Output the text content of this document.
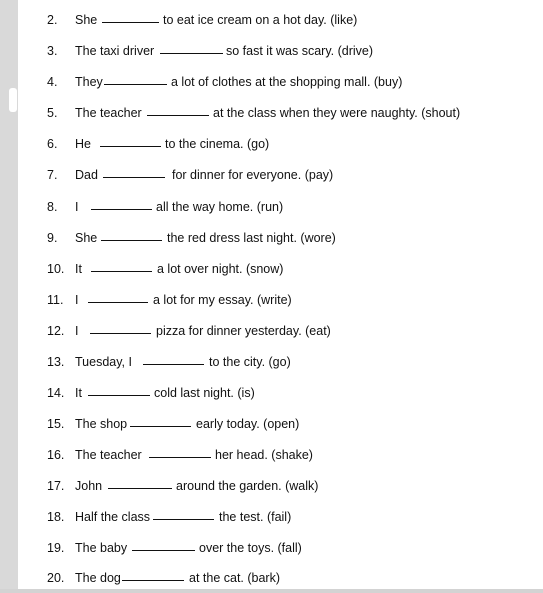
2. She	to eat ice cream on a hot day. (like)
3. The taxi driver	so fast it was scary. (drive)
4. They	a lot of clothes at the shopping mall. (buy)
5. The teacher	at the class when they were naughty. (shout)
6. He	to the cinema. (go)
7. Dad	for dinner for everyone. (pay)
8. I	all the way home. (run)
9. She	the red dress last night. (wore)
10. It	a lot over night. (snow)
11. I	a lot for my essay. (write)
12. I	pizza for dinner yesterday. (eat)
13. Tuesday, I	to the city. (go)
14. It	cold last night. (is)
15. The shop	early today. (open)
16. The teacher	her head. (shake)
17. John	around the garden. (walk)
18. Half the class	the test. (fail)
19. The baby	over the toys. (fall)
20. The dog	at the cat. (bark)
